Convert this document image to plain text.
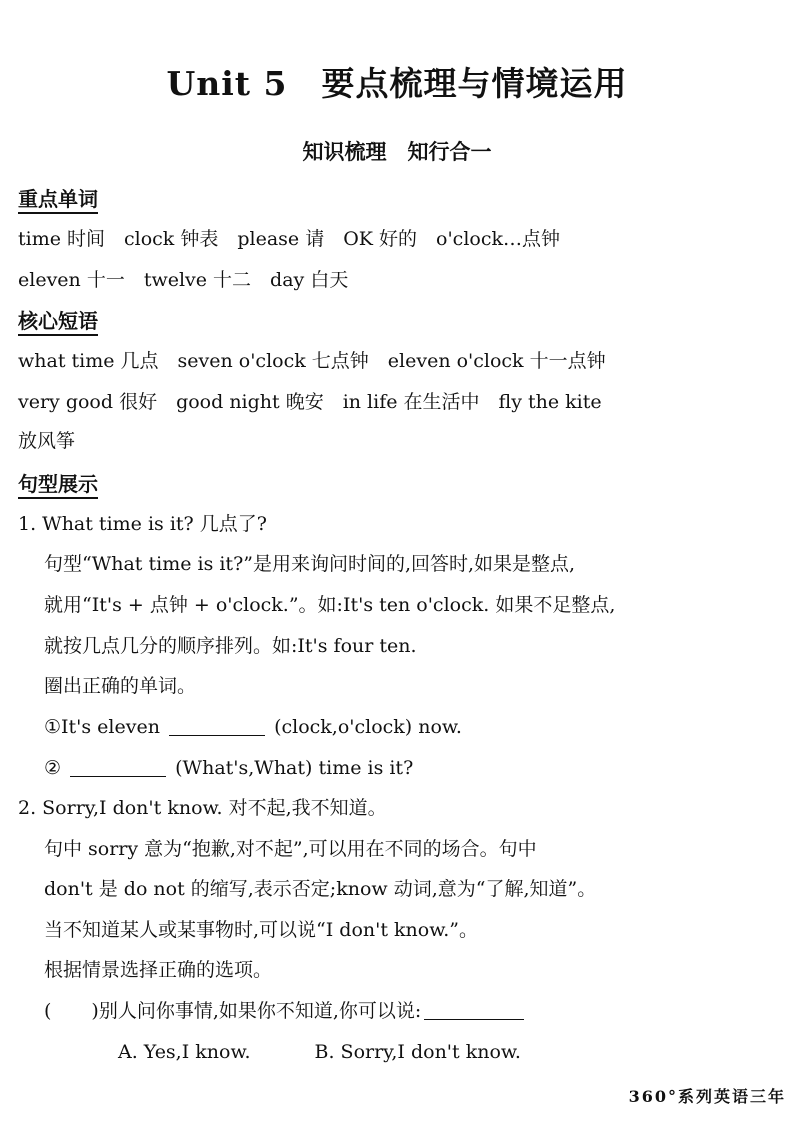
Unit 5　要点梳理与情境运用
知识梳理　知行合一
重点单词
time 时间　clock 钟表　please 请　OK 好的　o'clock…点钟
eleven 十一　twelve 十二　day 白天
核心短语
what time 几点　seven o'clock 七点钟　eleven o'clock 十一点钟
very good 很好　good night 晚安　in life 在生活中　fly the kite
放风筝
句型展示
1. What time is it? 几点了?
句型“What time is it?”是用来询问时间的,回答时,如果是整点,
就用“It's + 点钟 + o'clock.”。如:It's ten o'clock. 如果不足整点,
就按几点几分的顺序排列。如:It's four ten.
圈出正确的单词。
①It's eleven	(clock,o'clock) now.
②	(What's,What) time is it?
2. Sorry,I don't know. 对不起,我不知道。
句中 sorry 意为“抱歉,对不起”,可以用在不同的场合。句中
don't 是 do not 的缩写,表示否定;know 动词,意为“了解,知道”。
当不知道某人或某事物时,可以说“I don't know.”。
根据情景选择正确的选项。
( )别人问你事情,如果你不知道,你可以说:
A. Yes,I know.	B. Sorry,I don't know.
360°系列英语三年
